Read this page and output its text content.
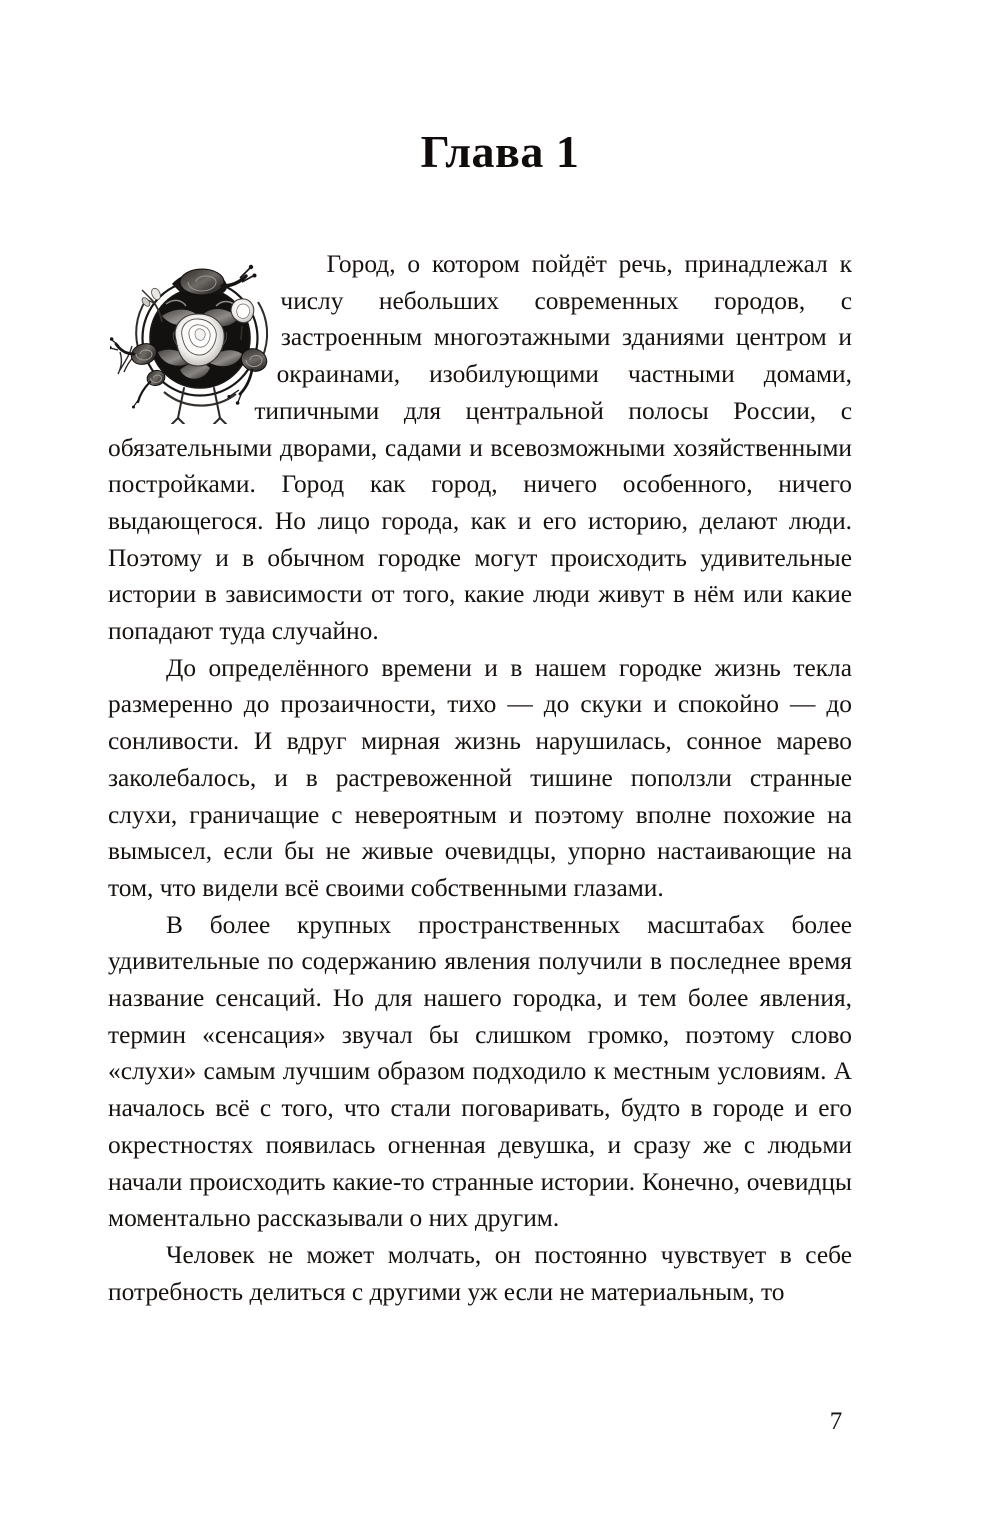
Глава 1

Город, о котором пойдёт речь, принадлежал к числу небольших современных городов, с застроенным многоэтажными зданиями центром и окраинами, изобилующими частными домами, типичными для центральной полосы России, с обязательными дворами, садами и всевозможными хозяйственными постройками. Город как город, ничего особенного, ничего выдающегося. Но лицо города, как и его историю, делают люди. Поэтому и в обычном городке могут происходить удивительные истории в зависимости от того, какие люди живут в нём или какие попадают туда случайно.

До определённого времени и в нашем городке жизнь текла размеренно до прозаичности, тихо — до скуки и спокойно — до сонливости. И вдруг мирная жизнь нарушилась, сонное марево заколебалось, и в растревоженной тишине поползли странные слухи, граничащие с невероятным и поэтому вполне похожие на вымысел, если бы не живые очевидцы, упорно настаивающие на том, что видели всё своими собственными глазами.

В более крупных пространственных масштабах более удивительные по содержанию явления получили в последнее время название сенсаций. Но для нашего городка, и тем более явления, термин «сенсация» звучал бы слишком громко, поэтому слово «слухи» самым лучшим образом подходило к местным условиям. А началось всё с того, что стали поговаривать, будто в городе и его окрестностях появилась огненная девушка, и сразу же с людьми начали происходить какие-то странные истории. Конечно, очевидцы моментально рассказывали о них другим.

Человек не может молчать, он постоянно чувствует в себе потребность делиться с другими уж если не материальным, то

7
